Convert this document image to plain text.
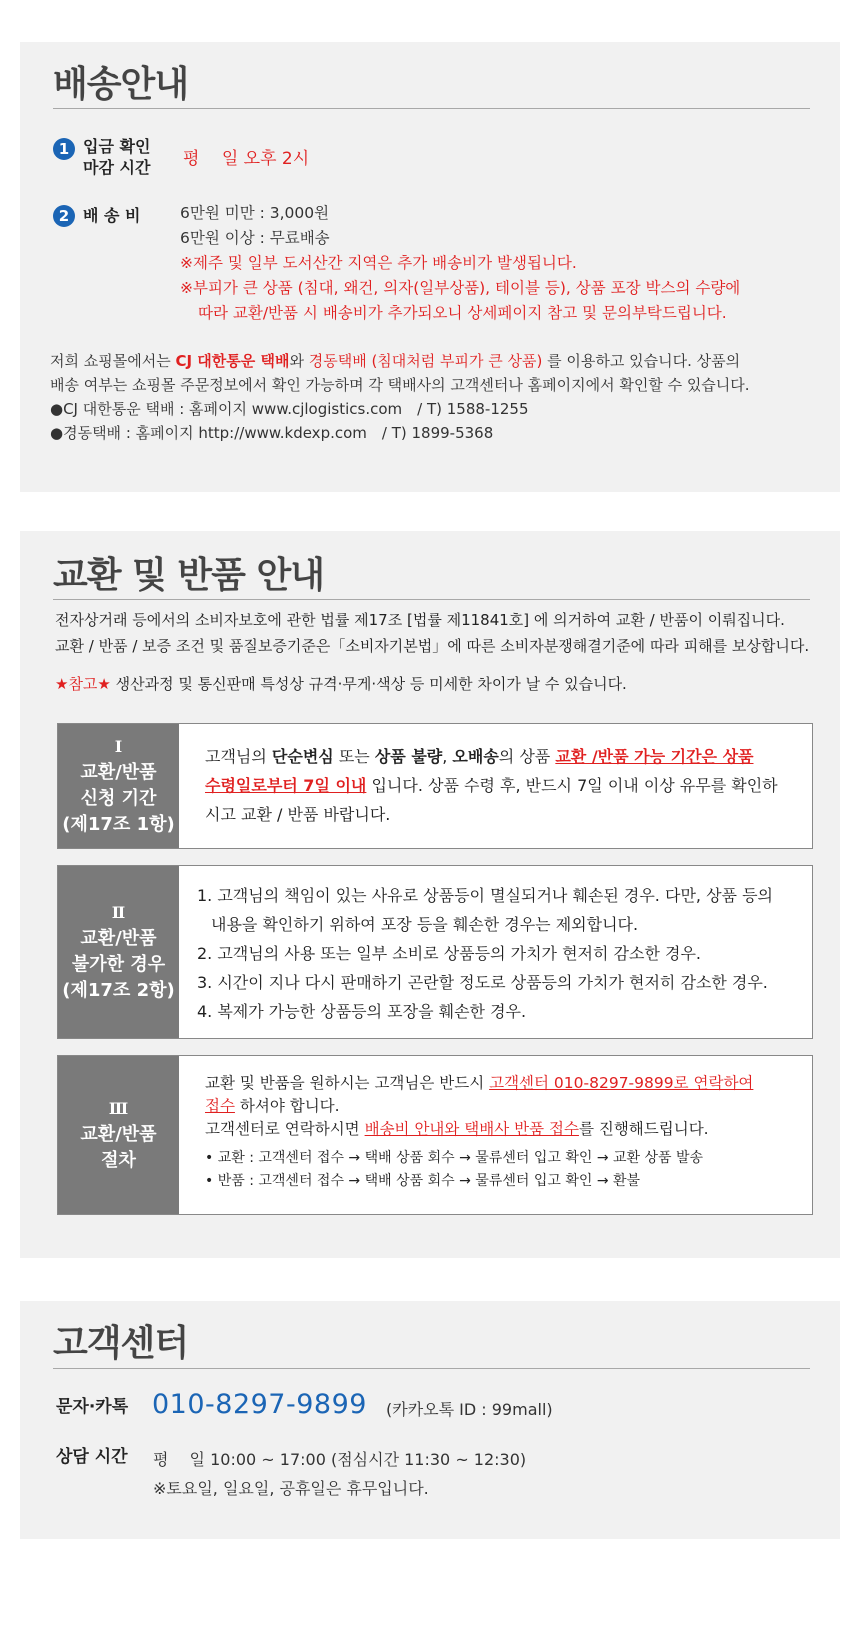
배송안내
1 입금 확인
마감 시간 평　 일 오후 2시
2 배 송 비	6만원 미만 : 3,000원
6만원 이상 : 무료배송
※제주 및 일부 도서산간 지역은 추가 배송비가 발생됩니다.
※부피가 큰 상품 (침대, 왜건, 의자(일부상품), 테이블 등), 상품 포장 박스의 수량에
따라 교환/반품 시 배송비가 추가되오니 상세페이지 참고 및 문의부탁드립니다.
저희 쇼핑몰에서는 CJ 대한통운 택배와 경동택배 (침대처럼 부피가 큰 상품) 를 이용하고 있습니다. 상품의
배송 여부는 쇼핑몰 주문정보에서 확인 가능하며 각 택배사의 고객센터나 홈페이지에서 확인할 수 있습니다.
●CJ 대한통운 택배 : 홈페이지 www.cjlogistics.com　/ T) 1588-1255
●경동택배 : 홈페이지 http://www.kdexp.com　/ T) 1899-5368
교환 및 반품 안내
전자상거래 등에서의 소비자보호에 관한 법률 제17조 [법률 제11841호] 에 의거하여 교환 / 반품이 이뤄집니다.
교환 / 반품 / 보증 조건 및 품질보증기준은「소비자기본법」에 따른 소비자분쟁해결기준에 따라 피해를 보상합니다.
★참고★ 생산과정 및 통신판매 특성상 규격·무게·색상 등 미세한 차이가 날 수 있습니다.
Ⅰ
교환/반품
신청 기간
(제17조 1항)
고객님의 단순변심 또는 상품 불량, 오배송의 상품 교환 /반품 가능 기간은 상품
수령일로부터 7일 이내 입니다. 상품 수령 후, 반드시 7일 이내 이상 유무를 확인하
시고 교환 / 반품 바랍니다.
Ⅱ
교환/반품
불가한 경우
(제17조 2항)
1. 고객님의 책임이 있는 사유로 상품등이 멸실되거나 훼손된 경우. 다만, 상품 등의
내용을 확인하기 위하여 포장 등을 훼손한 경우는 제외합니다.
2. 고객님의 사용 또는 일부 소비로 상품등의 가치가 현저히 감소한 경우.
3. 시간이 지나 다시 판매하기 곤란할 정도로 상품등의 가치가 현저히 감소한 경우.
4. 복제가 가능한 상품등의 포장을 훼손한 경우.
Ⅲ
교환/반품
절차
교환 및 반품을 원하시는 고객님은 반드시 고객센터 010-8297-9899로 연락하여
접수 하셔야 합니다.
고객센터로 연락하시면 배송비 안내와 택배사 반품 접수를 진행해드립니다.
• 교환 : 고객센터 접수 → 택배 상품 회수 → 물류센터 입고 확인 → 교환 상품 발송
• 반품 : 고객센터 접수 → 택배 상품 회수 → 물류센터 입고 확인 → 환불
고객센터
문자·카톡 010-8297-9899 (카카오톡 ID : 99mall)
상담 시간 평　 일 10:00 ~ 17:00 (점심시간 11:30 ~ 12:30)
※토요일, 일요일, 공휴일은 휴무입니다.
